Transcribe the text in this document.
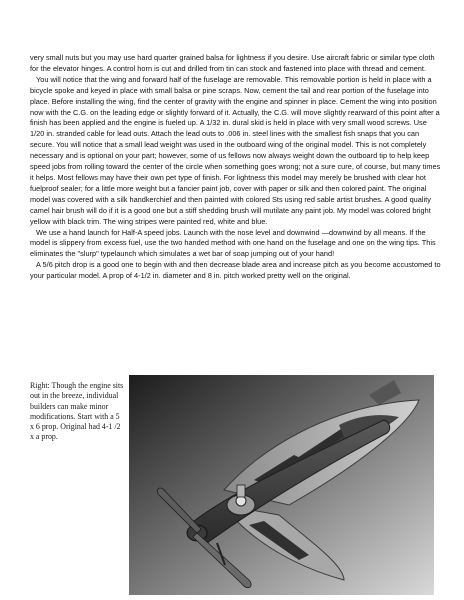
very small nuts but you may use hard quarter grained balsa for lightness if you desire. Use aircraft fabric or similar type cloth for the elevator hinges. A control horn is cut and drilled from tin can stock and fastened into place with thread and cement.

You will notice that the wing and forward half of the fuselage are removable. This removable portion is held in place with a bicycle spoke and keyed in place with small balsa or pine scraps. Now, cement the tail and rear portion of the fuselage into place. Before installing the wing, find the center of gravity with the engine and spinner in place. Cement the wing into position now with the C.G. on the leading edge or slightly forward of it. Actually, the C.G. will move slightly rearward of this point after a finish has been applied and the engine is fueled up. A 1/32 in. dural skid is held in place with very small wood screws. Use 1/20 in. stranded cable for lead outs. Attach the lead outs to .006 in. steel lines with the smallest fish snaps that you can secure. You will notice that a small lead weight was used in the outboard wing of the original model. This is not completely necessary and is optional on your part; however, some of us fellows now always weight down the outboard tip to help keep speed jobs from rolling toward the center of the circle when something goes wrong; not a sure cure, of course, but many times it helps. Most fellows may have their own pet type of finish. For lightness this model may merely be brushed with clear hot fuelproof sealer; for a little more weight but a fancier paint job, cover with paper or silk and then colored paint. The original model was covered with a silk handkerchief and then painted with colored Sts using red sable artist brushes. A good quality camel hair brush will do if it is a good one but a stiff shedding brush will mutilate any paint job. My model was colored bright yellow with black trim. The wing stripes were painted red, white and blue.

We use a hand launch for Half-A speed jobs. Launch with the nose level and downwind —downwind by all means. If the model is slippery from excess fuel, use the two handed method with one hand on the fuselage and one on the wing tips. This eliminates the "slurp" typelaunch which simulates a wet bar of soap jumping out of your hand!

A 5/6 pitch drop is a good one to begin with and then decrease blade area and increase pitch as you become accustomed to your particular model. A prop of 4-1/2 in. diameter and 8 in. pitch worked pretty well on the original.

Right: Though the engine sits out in the breeze, individual builders can make minor modifications. Start with a 5 x 6 prop. Original had 4-1 /2 x a prop.
